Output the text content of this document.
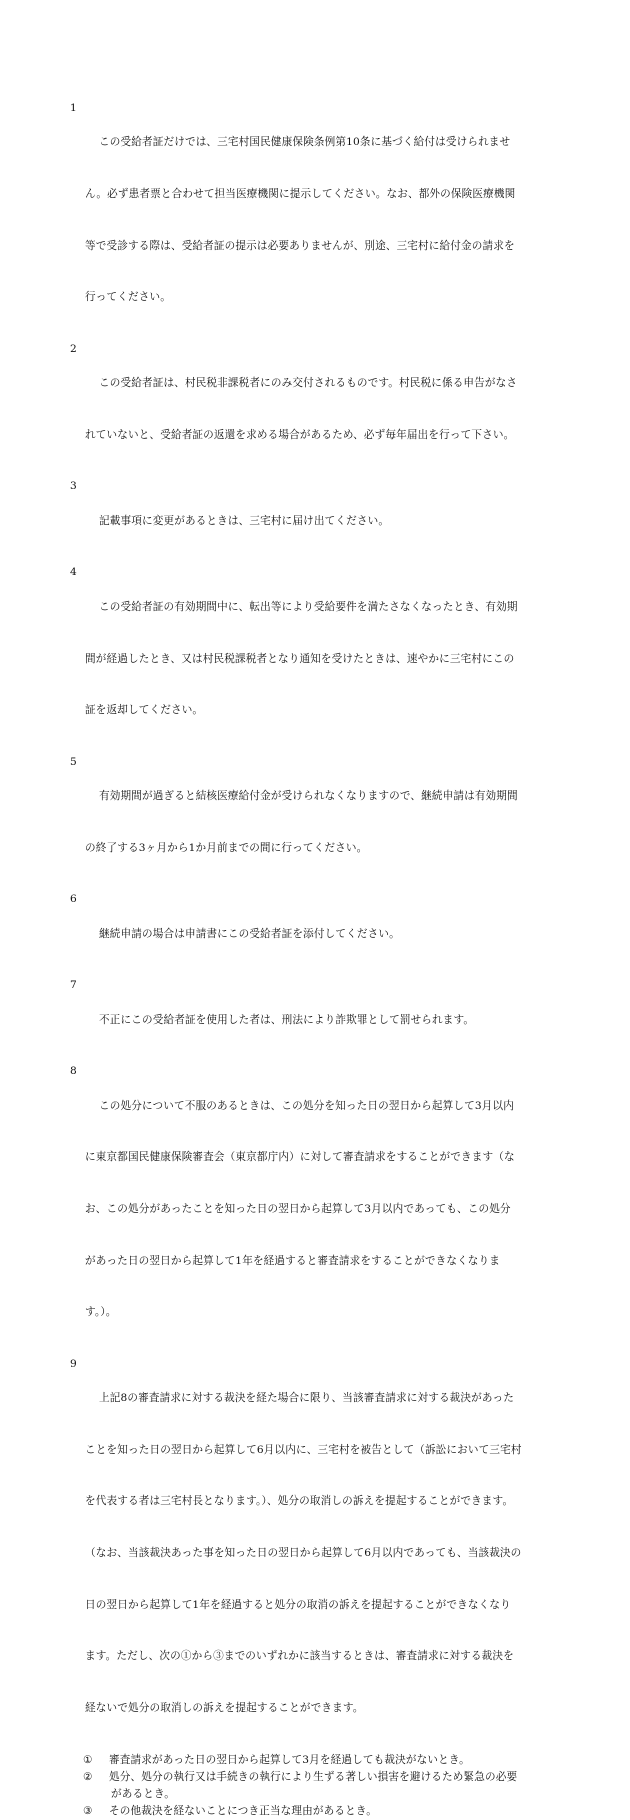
1

この受給者証だけでは、三宅村国民健康保険条例第10条に基づく給付は受けられませ

ん。必ず患者票と合わせて担当医療機関に提示してください。なお、都外の保険医療機関

等で受診する際は、受給者証の提示は必要ありませんが、別途、三宅村に給付金の請求を

行ってください。

2

この受給者証は、村民税非課税者にのみ交付されるものです。村民税に係る申告がなさ

れていないと、受給者証の返還を求める場合があるため、必ず毎年届出を行って下さい。

3

記載事項に変更があるときは、三宅村に届け出てください。

4

この受給者証の有効期間中に、転出等により受給要件を満たさなくなったとき、有効期

間が経過したとき、又は村民税課税者となり通知を受けたときは、速やかに三宅村にこの

証を返却してください。

5

有効期間が過ぎると結核医療給付金が受けられなくなりますので、継続申請は有効期間

の終了する3ヶ月から1か月前までの間に行ってください。

6

継続申請の場合は申請書にこの受給者証を添付してください。

7

不正にこの受給者証を使用した者は、刑法により詐欺罪として罰せられます。

8

この処分について不服のあるときは、この処分を知った日の翌日から起算して3月以内

に東京都国民健康保険審査会（東京都庁内）に対して審査請求をすることができます（な

お、この処分があったことを知った日の翌日から起算して3月以内であっても、この処分

があった日の翌日から起算して1年を経過すると審査請求をすることができなくなりま

す。）。

9

上記8の審査請求に対する裁決を経た場合に限り、当該審査請求に対する裁決があった

ことを知った日の翌日から起算して6月以内に、三宅村を被告として（訴訟において三宅村

を代表する者は三宅村長となります。）、処分の取消しの訴えを提起することができます。

（なお、当該裁決あった事を知った日の翌日から起算して6月以内であっても、当該裁決の

日の翌日から起算して1年を経過すると処分の取消の訴えを提起することができなくなり

ます。ただし、次の①から③までのいずれかに該当するときは、審査請求に対する裁決を

経ないで処分の取消しの訴えを提起することができます。

①	審査請求があった日の翌日から起算して3月を経過しても裁決がないとき。
②	処分、処分の執行又は手続きの執行により生ずる著しい損害を避けるため緊急の必要
があるとき。
③	その他裁決を経ないことにつき正当な理由があるとき。
